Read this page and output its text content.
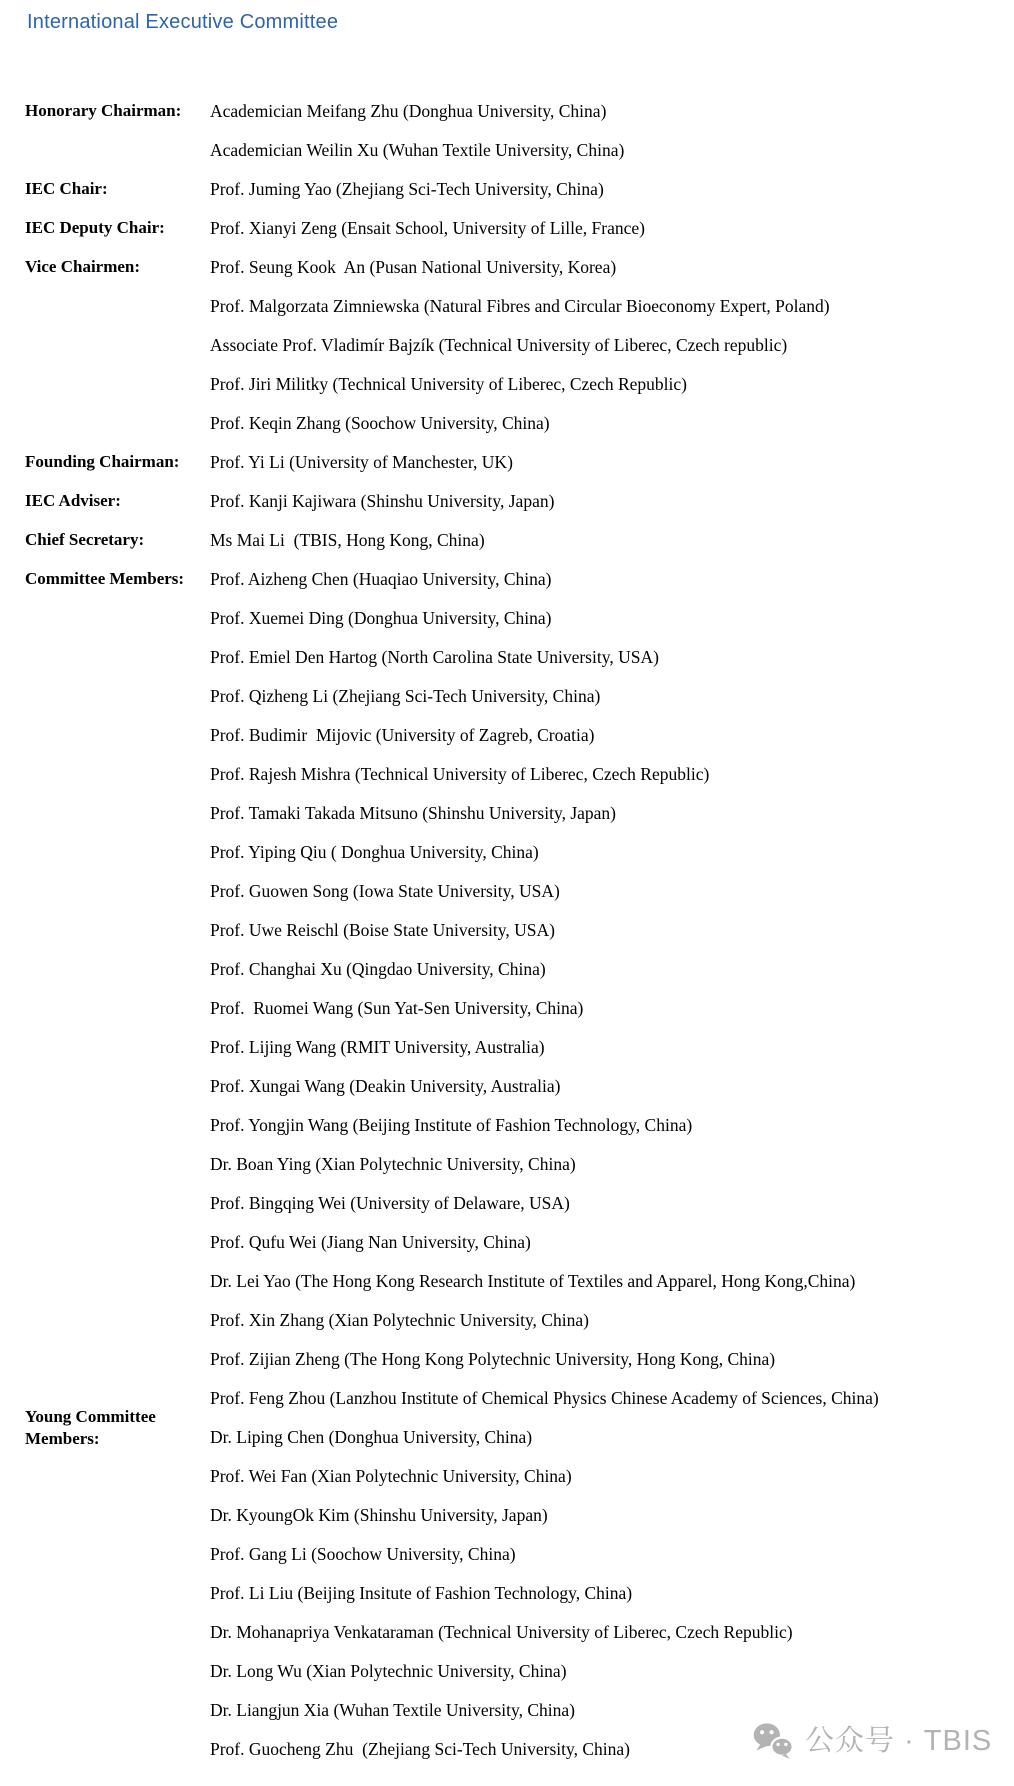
International Executive Committee
Honorary Chairman:	Academician Meifang Zhu (Donghua University, China)

Academician Weilin Xu (Wuhan Textile University, China)

IEC Chair:	Prof. Juming Yao (Zhejiang Sci-Tech University, China)

IEC Deputy Chair:	Prof. Xianyi Zeng (Ensait School, University of Lille, France)

Vice Chairmen:	Prof. Seung Kook  An (Pusan National University, Korea)

Prof. Malgorzata Zimniewska (Natural Fibres and Circular Bioeconomy Expert, Poland)

Associate Prof. Vladimír Bajzík (Technical University of Liberec, Czech republic)

Prof. Jiri Militky (Technical University of Liberec, Czech Republic)

Prof. Keqin Zhang (Soochow University, China)

Founding Chairman:	Prof. Yi Li (University of Manchester, UK)

IEC Adviser:	Prof. Kanji Kajiwara (Shinshu University, Japan)

Chief Secretary:	Ms Mai Li  (TBIS, Hong Kong, China)

Committee Members:	Prof. Aizheng Chen (Huaqiao University, China)

Prof. Xuemei Ding (Donghua University, China)

Prof. Emiel Den Hartog (North Carolina State University, USA)

Prof. Qizheng Li (Zhejiang Sci-Tech University, China)

Prof. Budimir  Mijovic (University of Zagreb, Croatia)

Prof. Rajesh Mishra (Technical University of Liberec, Czech Republic)

Prof. Tamaki Takada Mitsuno (Shinshu University, Japan)

Prof. Yiping Qiu ( Donghua University, China)

Prof. Guowen Song (Iowa State University, USA)

Prof. Uwe Reischl (Boise State University, USA)

Prof. Changhai Xu (Qingdao University, China)

Prof.  Ruomei Wang (Sun Yat-Sen University, China)

Prof. Lijing Wang (RMIT University, Australia)

Prof. Xungai Wang (Deakin University, Australia)

Prof. Yongjin Wang (Beijing Institute of Fashion Technology, China)

Dr. Boan Ying (Xian Polytechnic University, China)

Prof. Bingqing Wei (University of Delaware, USA)

Prof. Qufu Wei (Jiang Nan University, China)

Dr. Lei Yao (The Hong Kong Research Institute of Textiles and Apparel, Hong Kong,China)

Prof. Xin Zhang (Xian Polytechnic University, China)

Prof. Zijian Zheng (The Hong Kong Polytechnic University, Hong Kong, China)

Prof. Feng Zhou (Lanzhou Institute of Chemical Physics Chinese Academy of Sciences, China)

Young Committee Members:	Dr. Liping Chen (Donghua University, China)

Prof. Wei Fan (Xian Polytechnic University, China)

Dr. KyoungOk Kim (Shinshu University, Japan)

Prof. Gang Li (Soochow University, China)

Prof. Li Liu (Beijing Insitute of Fashion Technology, China)

Dr. Mohanapriya Venkataraman (Technical University of Liberec, Czech Republic)

Dr. Long Wu (Xian Polytechnic University, China)

Dr. Liangjun Xia (Wuhan Textile University, China)

Prof. Guocheng Zhu  (Zhejiang Sci-Tech University, China)	公众号 · TBIS
